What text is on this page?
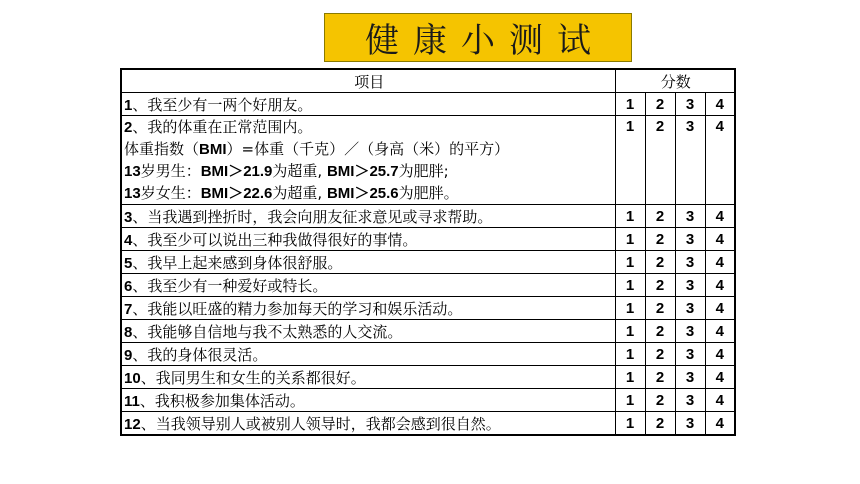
健康小测试
项目	分数			
1、我至少有一两个好朋友。	1	2	3	4

2、我的体重在正常范围内。
体重指数（BMI）=体重（千克）／（身高（米）的平方）
13岁男生：BMI＞21.9为超重, BMI＞25.7为肥胖;
13岁女生：BMI＞22.6为超重, BMI＞25.6为肥胖。	1	2	3	4

3、当我遇到挫折时，我会向朋友征求意见或寻求帮助。	1	2	3	4
4、我至少可以说出三种我做得很好的事情。	1	2	3	4
5、我早上起来感到身体很舒服。	1	2	3	4
6、我至少有一种爱好或特长。	1	2	3	4
7、我能以旺盛的精力参加每天的学习和娱乐活动。	1	2	3	4
8、我能够自信地与我不太熟悉的人交流。	1	2	3	4
9、我的身体很灵活。	1	2	3	4
10、我同男生和女生的关系都很好。	1	2	3	4
11、我积极参加集体活动。	1	2	3	4
12、当我领导别人或被别人领导时，我都会感到很自然。	1	2	3	4
